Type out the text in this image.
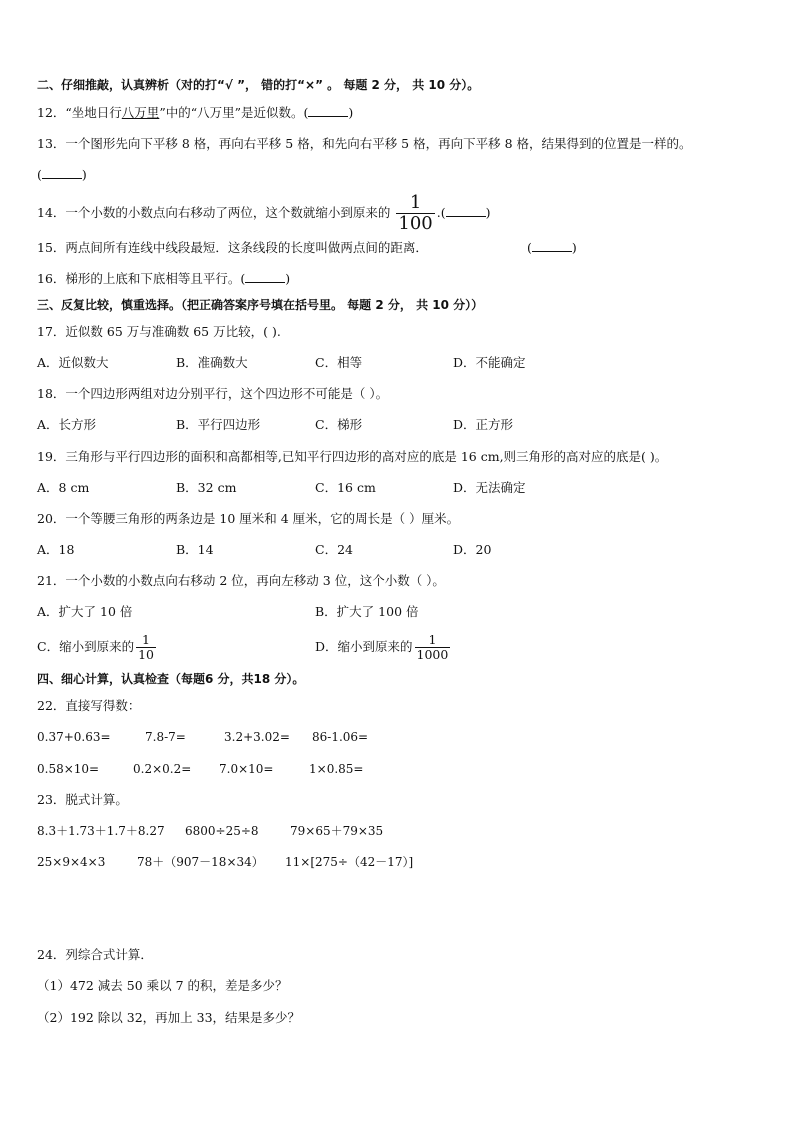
二、仔细推敲，认真辨析（对的打“√ ”， 错的打“×” 。 每题 2 分， 共 10 分）。
12．“坐地日行八万里”中的“八万里”是近似数。(	)
13．一个图形先向下平移 8 格，再向右平移 5 格，和先向右平移 5 格，再向下平移 8 格，结果得到的位置是一样的。
(	)
14．一个小数的小数点向右移动了两位，这个数就缩小到原来的 $\frac{1}{100}$ .(	)
15．两点间所有连线中线段最短．这条线段的长度叫做两点间的距离．	(	)
16．梯形的上底和下底相等且平行。(	)
三、反复比较，慎重选择。（把正确答案序号填在括号里。 每题 2 分， 共 10 分））
17．近似数 65 万与准确数 65 万比较，( ).
A．近似数大	B．准确数大	C．相等	D．不能确定
18．一个四边形两组对边分别平行，这个四边形不可能是（ ）。
A．长方形	B．平行四边形	C．梯形	D．正方形
19．三角形与平行四边形的面积和高都相等,已知平行四边形的高对应的底是 16 cm,则三角形的高对应的底是( )。
A．8 cm	B．32 cm	C．16 cm	D．无法确定
20．一个等腰三角形的两条边是 10 厘米和 4 厘米，它的周长是（ ）厘米。
A．18	B．14	C．24	D．20
21．一个小数的小数点向右移动 2 位，再向左移动 3 位，这个小数（ ）。
A．扩大了 10 倍	B．扩大了 100 倍
C．缩小到原来的 $\frac{1}{10}$	D．缩小到原来的 $\frac{1}{1000}$
四、细心计算，认真检查（每题6 分，共18 分）。
22．直接写得数：
0.37+0.63=	7.8-7=	3.2+3.02= 86-1.06=
0.58×10=	0.2×0.2= 7.0×10=	1×0.85=
23．脱式计算。
8.3＋1.73＋1.7＋8.27 6800÷25÷8	79×65＋79×35
25×9×4×3	78＋（907－18×34） 11×[275÷（42－17）]
24．列综合式计算．
（1）472 减去 50 乘以 7 的积，差是多少？
（2）192 除以 32，再加上 33，结果是多少？
